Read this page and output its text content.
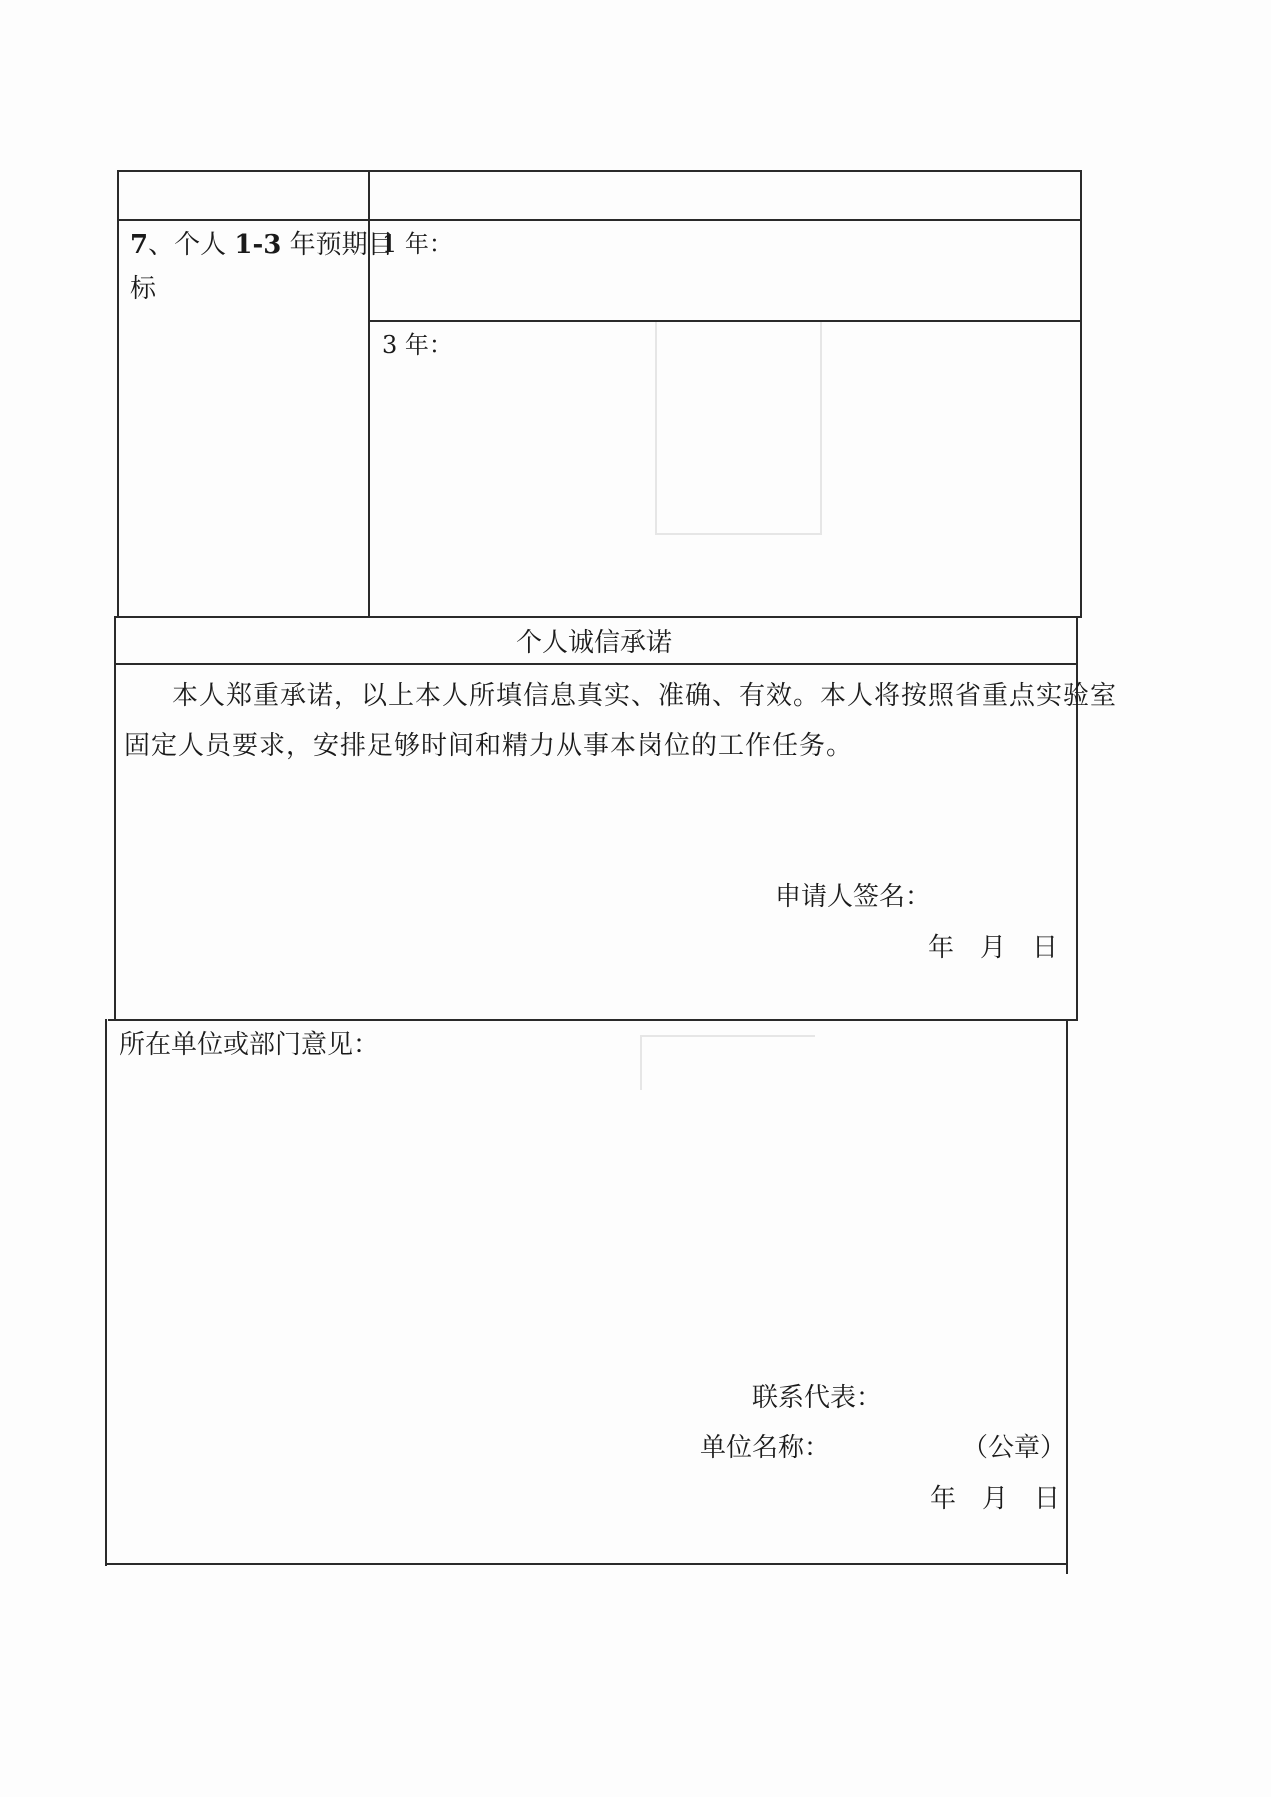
7、个人 1-3 年预期目
标
1 年：
3 年：
个人诚信承诺
本人郑重承诺，以上本人所填信息真实、准确、有效。本人将按照省重点实验室
固定人员要求，安排足够时间和精力从事本岗位的工作任务。
申请人签名：
年　月　日
所在单位或部门意见：
联系代表：
单位名称：	（公章）
年　月　日
